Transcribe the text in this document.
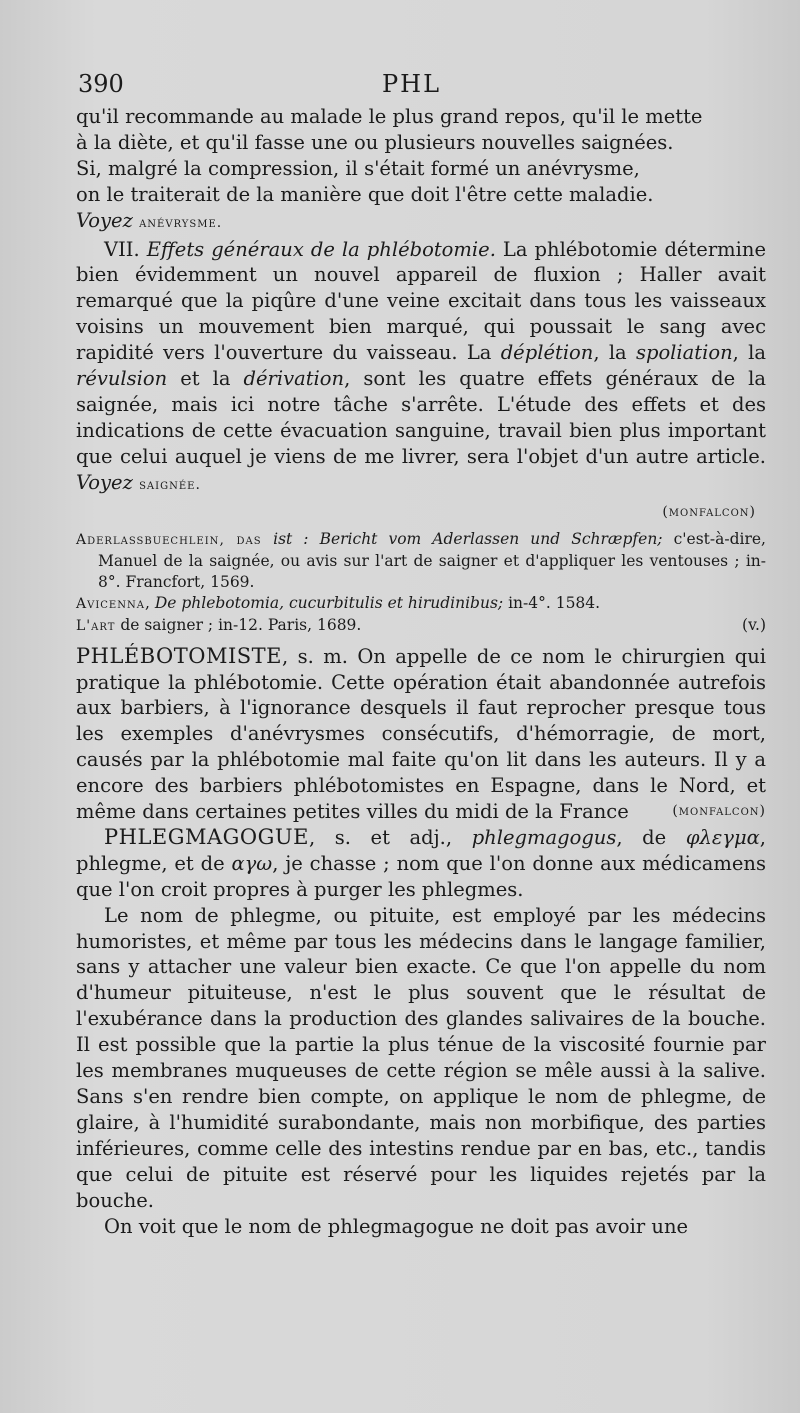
390	PHL

qu'il recommande au malade le plus grand repos, qu'il le mette

à la diète, et qu'il fasse une ou plusieurs nouvelles saignées.

Si, malgré la compression, il s'était formé un anévrysme,

on le traiterait de la manière que doit l'être cette maladie.

Voyez anévrysme.

VII. Effets généraux de la phlébotomie. La phlébotomie détermine bien évidemment un nouvel appareil de fluxion ; Haller avait remarqué que la piqûre d'une veine excitait dans tous les vaisseaux voisins un mouvement bien marqué, qui poussait le sang avec rapidité vers l'ouverture du vaisseau. La déplétion, la spoliation, la révulsion et la dérivation, sont les quatre effets généraux de la saignée, mais ici notre tâche s'arrête. L'étude des effets et des indications de cette évacuation sanguine, travail bien plus important que celui auquel je viens de me livrer, sera l'objet d'un autre article. Voyez saignée.

(monfalcon)

Aderlassbuechlein, das ist : Bericht vom Aderlassen und Schræpfen; c'est-à-dire, Manuel de la saignée, ou avis sur l'art de saigner et d'appliquer les ventouses ; in-8°. Francfort, 1569.

Avicenna, De phlebotomia, cucurbitulis et hirudinibus; in-4°. 1584.

L'art de saigner ; in-12. Paris, 1689.	(v.)

PHLÉBOTOMISTE, s. m. On appelle de ce nom le chirurgien qui pratique la phlébotomie. Cette opération était abandonnée autrefois aux barbiers, à l'ignorance desquels il faut reprocher presque tous les exemples d'anévrysmes consécutifs, d'hémorragie, de mort, causés par la phlébotomie mal faite qu'on lit dans les auteurs. Il y a encore des barbiers phlébotomistes en Espagne, dans le Nord, et même dans certaines petites villes du midi de la France	(monfalcon)

PHLEGMAGOGUE, s. et adj., phlegmagogus, de φλεγμα, phlegme, et de αγω, je chasse ; nom que l'on donne aux médicamens que l'on croit propres à purger les phlegmes.

Le nom de phlegme, ou pituite, est employé par les médecins humoristes, et même par tous les médecins dans le langage familier, sans y attacher une valeur bien exacte. Ce que l'on appelle du nom d'humeur pituiteuse, n'est le plus souvent que le résultat de l'exubérance dans la production des glandes salivaires de la bouche. Il est possible que la partie la plus ténue de la viscosité fournie par les membranes muqueuses de cette région se mêle aussi à la salive. Sans s'en rendre bien compte, on applique le nom de phlegme, de glaire, à l'humidité surabondante, mais non morbifique, des parties inférieures, comme celle des intestins rendue par en bas, etc., tandis que celui de pituite est réservé pour les liquides rejetés par la bouche.

On voit que le nom de phlegmagogue ne doit pas avoir une
